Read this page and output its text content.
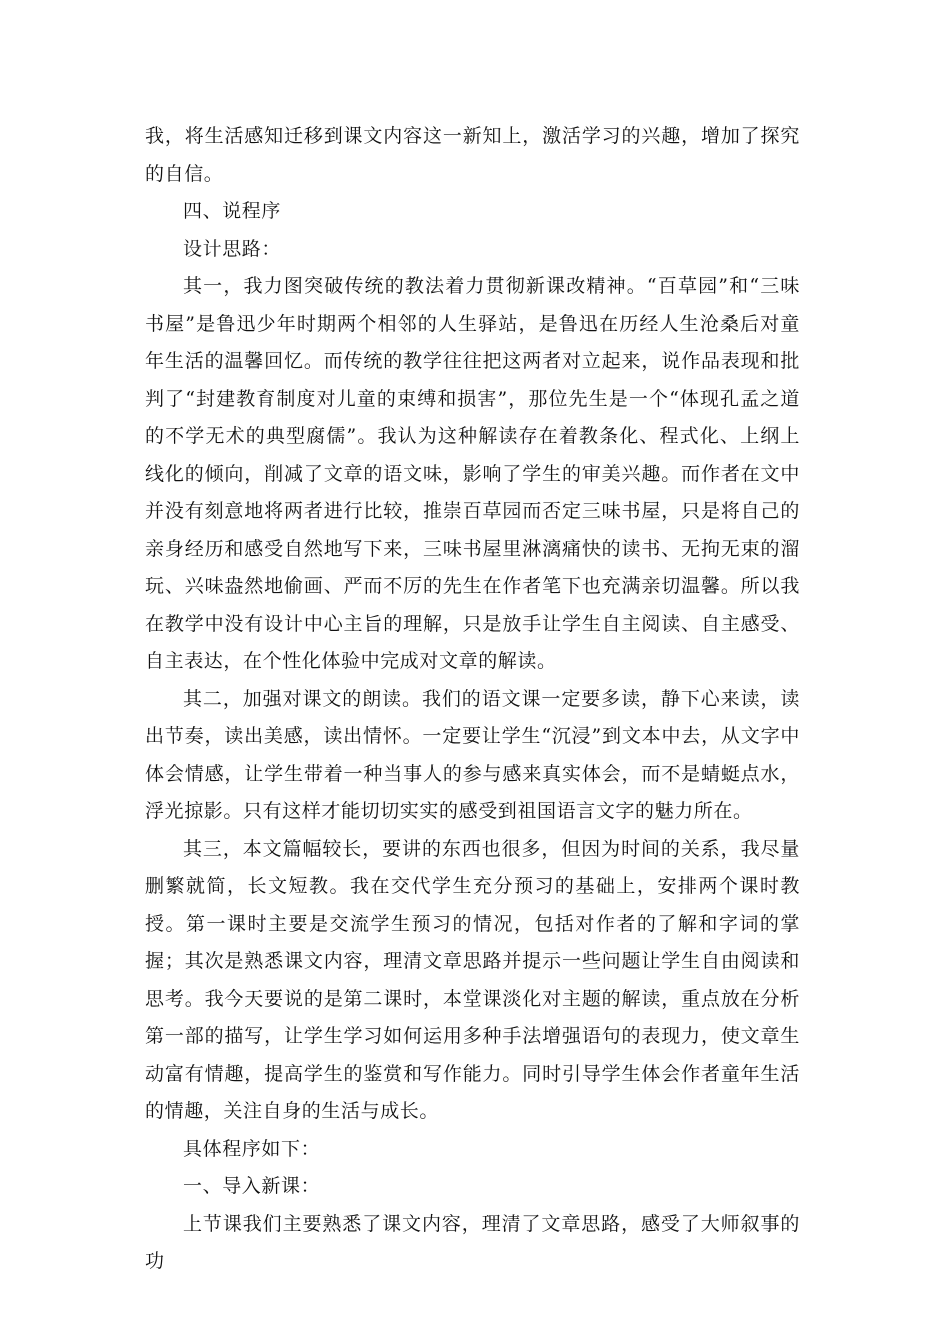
我，将生活感知迁移到课文内容这一新知上，激活学习的兴趣，增加了探究的自信。

四、说程序

设计思路：

其一，我力图突破传统的教法着力贯彻新课改精神。“百草园”和“三味书屋”是鲁迅少年时期两个相邻的人生驿站，是鲁迅在历经人生沧桑后对童年生活的温馨回忆。而传统的教学往往把这两者对立起来，说作品表现和批判了“封建教育制度对儿童的束缚和损害”，那位先生是一个“体现孔孟之道的不学无术的典型腐儒”。我认为这种解读存在着教条化、程式化、上纲上线化的倾向，削减了文章的语文味，影响了学生的审美兴趣。而作者在文中并没有刻意地将两者进行比较，推崇百草园而否定三味书屋，只是将自己的亲身经历和感受自然地写下来，三味书屋里淋漓痛快的读书、无拘无束的溜玩、兴味盎然地偷画、严而不厉的先生在作者笔下也充满亲切温馨。所以我在教学中没有设计中心主旨的理解，只是放手让学生自主阅读、自主感受、自主表达，在个性化体验中完成对文章的解读。

其二，加强对课文的朗读。我们的语文课一定要多读，静下心来读，读出节奏，读出美感，读出情怀。一定要让学生“沉浸”到文本中去，从文字中体会情感，让学生带着一种当事人的参与感来真实体会，而不是蜻蜓点水，浮光掠影。只有这样才能切切实实的感受到祖国语言文字的魅力所在。

其三，本文篇幅较长，要讲的东西也很多，但因为时间的关系，我尽量删繁就简，长文短教。我在交代学生充分预习的基础上，安排两个课时教授。第一课时主要是交流学生预习的情况，包括对作者的了解和字词的掌握；其次是熟悉课文内容，理清文章思路并提示一些问题让学生自由阅读和思考。我今天要说的是第二课时，本堂课淡化对主题的解读，重点放在分析第一部的描写，让学生学习如何运用多种手法增强语句的表现力，使文章生动富有情趣，提高学生的鉴赏和写作能力。同时引导学生体会作者童年生活的情趣，关注自身的生活与成长。

具体程序如下：

一、导入新课：

上节课我们主要熟悉了课文内容，理清了文章思路，感受了大师叙事的功
